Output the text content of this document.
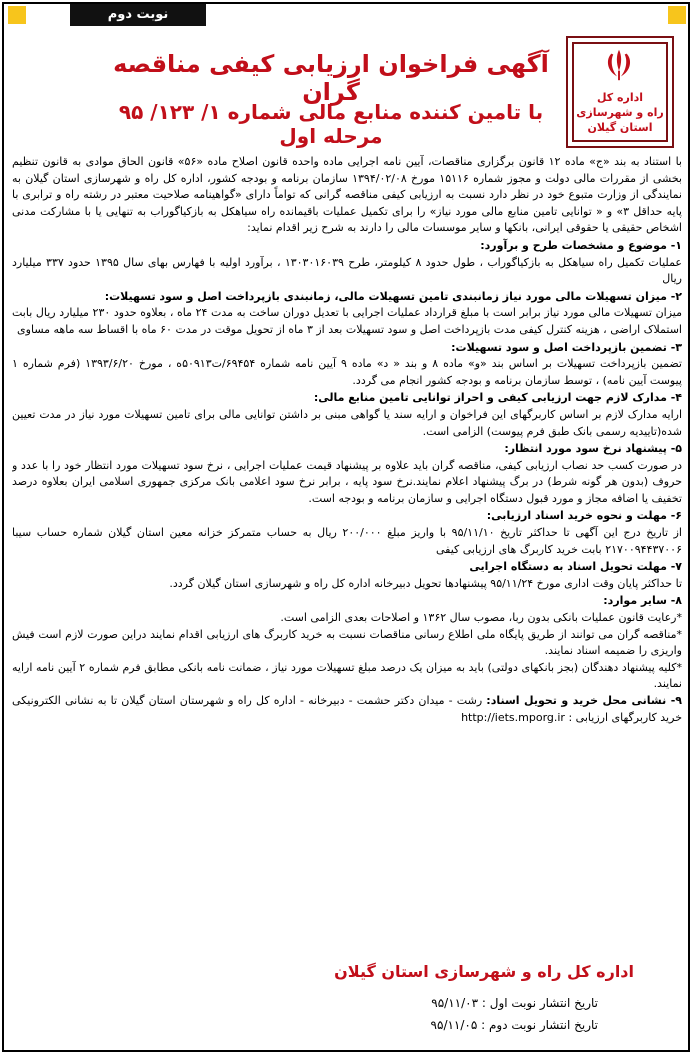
نوبت دوم
اداره کل
راه و شهرسازی
استان گیلان
آگهی فراخوان ارزیابی کیفی مناقصه گران
با تامین کننده منابع مالی شماره ۱/ ۱۲۳/ ۹۵ مرحله اول

با استناد به بند «ج» ماده ۱۲ قانون برگزاری مناقصات، آیین نامه اجرایی ماده واحده قانون اصلاح ماده «۵۶» قانون الحاق موادی به قانون تنظیم بخشی از مقررات مالی دولت و مجوز شماره ۱۵۱۱۶ مورخ ۱۳۹۴/۰۲/۰۸ سازمان برنامه و بودجه کشور، اداره کل راه و شهرسازی استان گیلان به نمایندگی از وزارت متبوع خود در نظر دارد نسبت به ارزیابی کیفی مناقصه گرانی که تواماً دارای «گواهینامه صلاحیت معتبر در رشته راه و ترابری با پایه حداقل ۳» و « توانایی تامین منابع مالی مورد نیاز» را برای تکمیل عملیات باقیمانده راه سیاهکل به بازکیاگوراب به تنهایی یا با مشارکت مدنی اشخاص حقیقی یا حقوقی ایرانی، بانکها و سایر موسسات مالی را دارند به شرح زیر اقدام نماید:

۱- موضوع و مشخصات طرح و برآورد:

عملیات تکمیل راه سیاهکل به بازکیاگوراب ، طول حدود ۸ کیلومتر، طرح ۱۳۰۳۰۱۶۰۳۹ ، برآورد اولیه با فهارس بهای سال ۱۳۹۵ حدود ۳۳۷ میلیارد ریال

۲- میزان تسهیلات مالی مورد نیاز زمانبندی تامین تسهیلات مالی، زمانبندی بازپرداخت اصل و سود تسهیلات:

میزان تسهیلات مالی مورد نیاز برابر است با مبلغ قرارداد عملیات اجرایی با تعدیل دوران ساخت به مدت ۲۴ ماه ، بعلاوه حدود ۲۳۰ میلیارد ریال بابت استملاک اراضی ، هزینه کنترل کیفی مدت بازپرداخت اصل و سود تسهیلات بعد از ۳ ماه از تحویل موقت در مدت ۶۰ ماه با اقساط سه ماهه مساوی

۳- تضمین بازپرداخت اصل و سود تسهیلات:

تضمین بازپرداخت تسهیلات بر اساس بند «و» ماده ۸ و بند « د» ماده ۹ آیین نامه شماره ۶۹۴۵۴/ت۵۰۹۱۳ه ، مورخ ۱۳۹۳/۶/۲۰ (فرم شماره ۱ پیوست آیین نامه) ، توسط سازمان برنامه و بودجه کشور انجام می گردد.

۴- مدارک لازم جهت ارزیابی کیفی و احراز توانایی تامین منابع مالی:

ارایه مدارک لازم بر اساس کاربرگهای این فراخوان و ارایه سند یا گواهی مبنی بر داشتن توانایی مالی برای تامین تسهیلات مورد نیاز در مدت تعیین شده(تاییدیه رسمی بانک طبق فرم پیوست) الزامی است.

۵- پیشنهاد نرخ سود مورد انتظار:

در صورت کسب حد نصاب ارزیابی کیفی، مناقصه گران باید علاوه بر پیشنهاد قیمت عملیات اجرایی ، نرخ سود تسهیلات مورد انتظار خود را با عدد و حروف (بدون هر گونه شرط) در برگ پیشنهاد اعلام نمایند.نرخ سود پایه ، برابر نرخ سود اعلامی بانک مرکزی جمهوری اسلامی ایران بعلاوه درصد تخفیف یا اضافه مجاز و مورد قبول دستگاه اجرایی و سازمان برنامه و بودجه است.

۶- مهلت و نحوه خرید اسناد ارزیابی:

از تاریخ درج این آگهی تا حداکثر تاریخ ۹۵/۱۱/۱۰ با واریز مبلغ ۲۰۰/۰۰۰ ریال به حساب متمرکز خزانه معین استان گیلان شماره حساب سیبا ۲۱۷۰۰۹۴۴۳۷۰۰۶ بابت خرید کاربرگ های ارزیابی کیفی

۷- مهلت تحویل اسناد به دستگاه اجرایی

تا حداکثر پایان وقت اداری مورخ ۹۵/۱۱/۲۴ پیشنهادها تحویل دبیرخانه اداره کل راه و شهرسازی استان گیلان گردد.

۸- سایر موارد:

*رعایت قانون عملیات بانکی بدون ربا، مصوب سال ۱۳۶۲ و اصلاحات بعدی الزامی است.

*مناقصه گران می توانند از طریق پایگاه ملی اطلاع رسانی مناقصات نسبت به خرید کاربرگ های ارزیابی اقدام نمایند دراین صورت لازم است فیش واریزی را ضمیمه اسناد نمایند.

*کلیه پیشنهاد دهندگان (بجز بانکهای دولتی) باید به میزان یک درصد مبلغ تسهیلات مورد نیاز ، ضمانت نامه بانکی مطابق فرم شماره ۲ آیین نامه ارایه نمایند.

۹- نشانی محل خرید و تحویل اسناد: رشت - میدان دکتر حشمت - دبیرخانه - اداره کل راه و شهرستان استان گیلان تا به نشانی الکترونیکی خرید کاربرگهای ارزیابی : http://iets.mporg.ir

اداره کل راه و شهرسازی استان گیلان
تاریخ انتشار نوبت اول : ۹۵/۱۱/۰۳
تاریخ انتشار نوبت دوم : ۹۵/۱۱/۰۵
